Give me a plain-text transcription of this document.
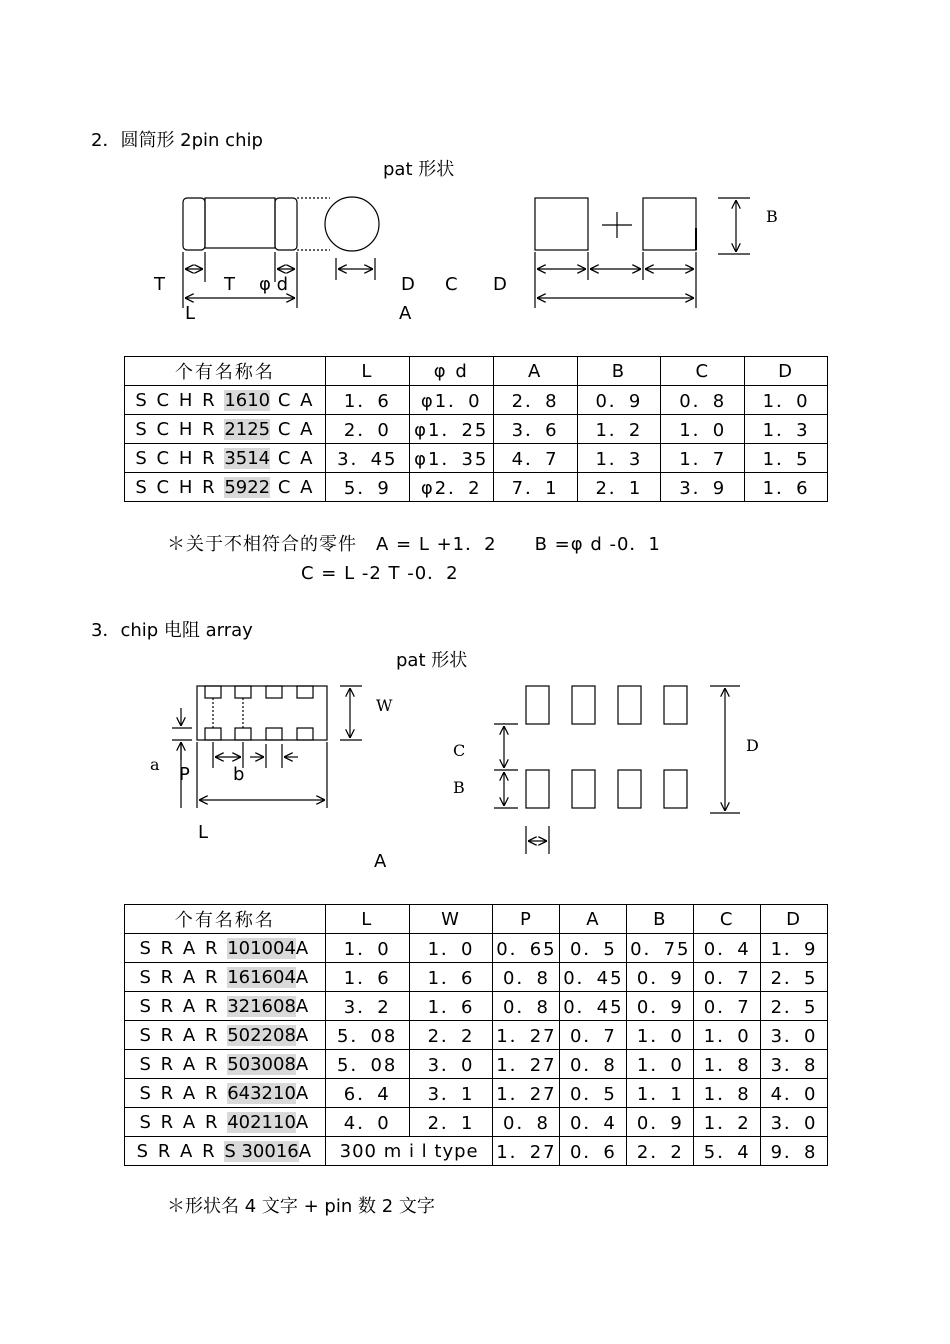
2．圆筒形 2pin chip
pat 形状
T	T φ d
L
D C D
A
B
个有名称名	L	φ d	A	B	C	D
S C H R 1610 C A	1．6	φ1．0	2．8	0．9	0．8	1．0
S C H R 2125 C A	2．0	φ1．25	3．6	1．2	1．0	1．3
S C H R 3514 C A	3．45	φ1．35	4．7	1．3	1．7	1．5
S C H R 5922 C A	5．9	φ2．2	7．1	2．1	3．9	1．6
＊关于不相符合的零件　A = L +1．2　　B =φ d -0．1
C = L -2 T -0．2
3．chip 电阻 array
pat 形状
W
a P b
L
A
C
B
D
个有名称名	L	W	P	A	B	C	D
S R A R 101004A	1．0	1．0	0．65	0．5	0．75	0．4	1．9
S R A R 161604A	1．6	1．6	0．8	0．45	0．9	0．7	2．5
S R A R 321608A	3．2	1．6	0．8	0．45	0．9	0．7	2．5
S R A R 502208A	5．08	2．2	1．27	0．7	1．0	1．0	3．0
S R A R 503008A	5．08	3．0	1．27	0．8	1．0	1．8	3．8
S R A R 643210A	6．4	3．1	1．27	0．5	1．1	1．8	4．0
S R A R 402110A	4．0	2．1	0．8	0．4	0．9	1．2	3．0
S R A R S 30016A	300 m i l type		1．27	0．6	2．2	5．4	9．8
＊形状名 4 文字 + pin 数 2 文字
